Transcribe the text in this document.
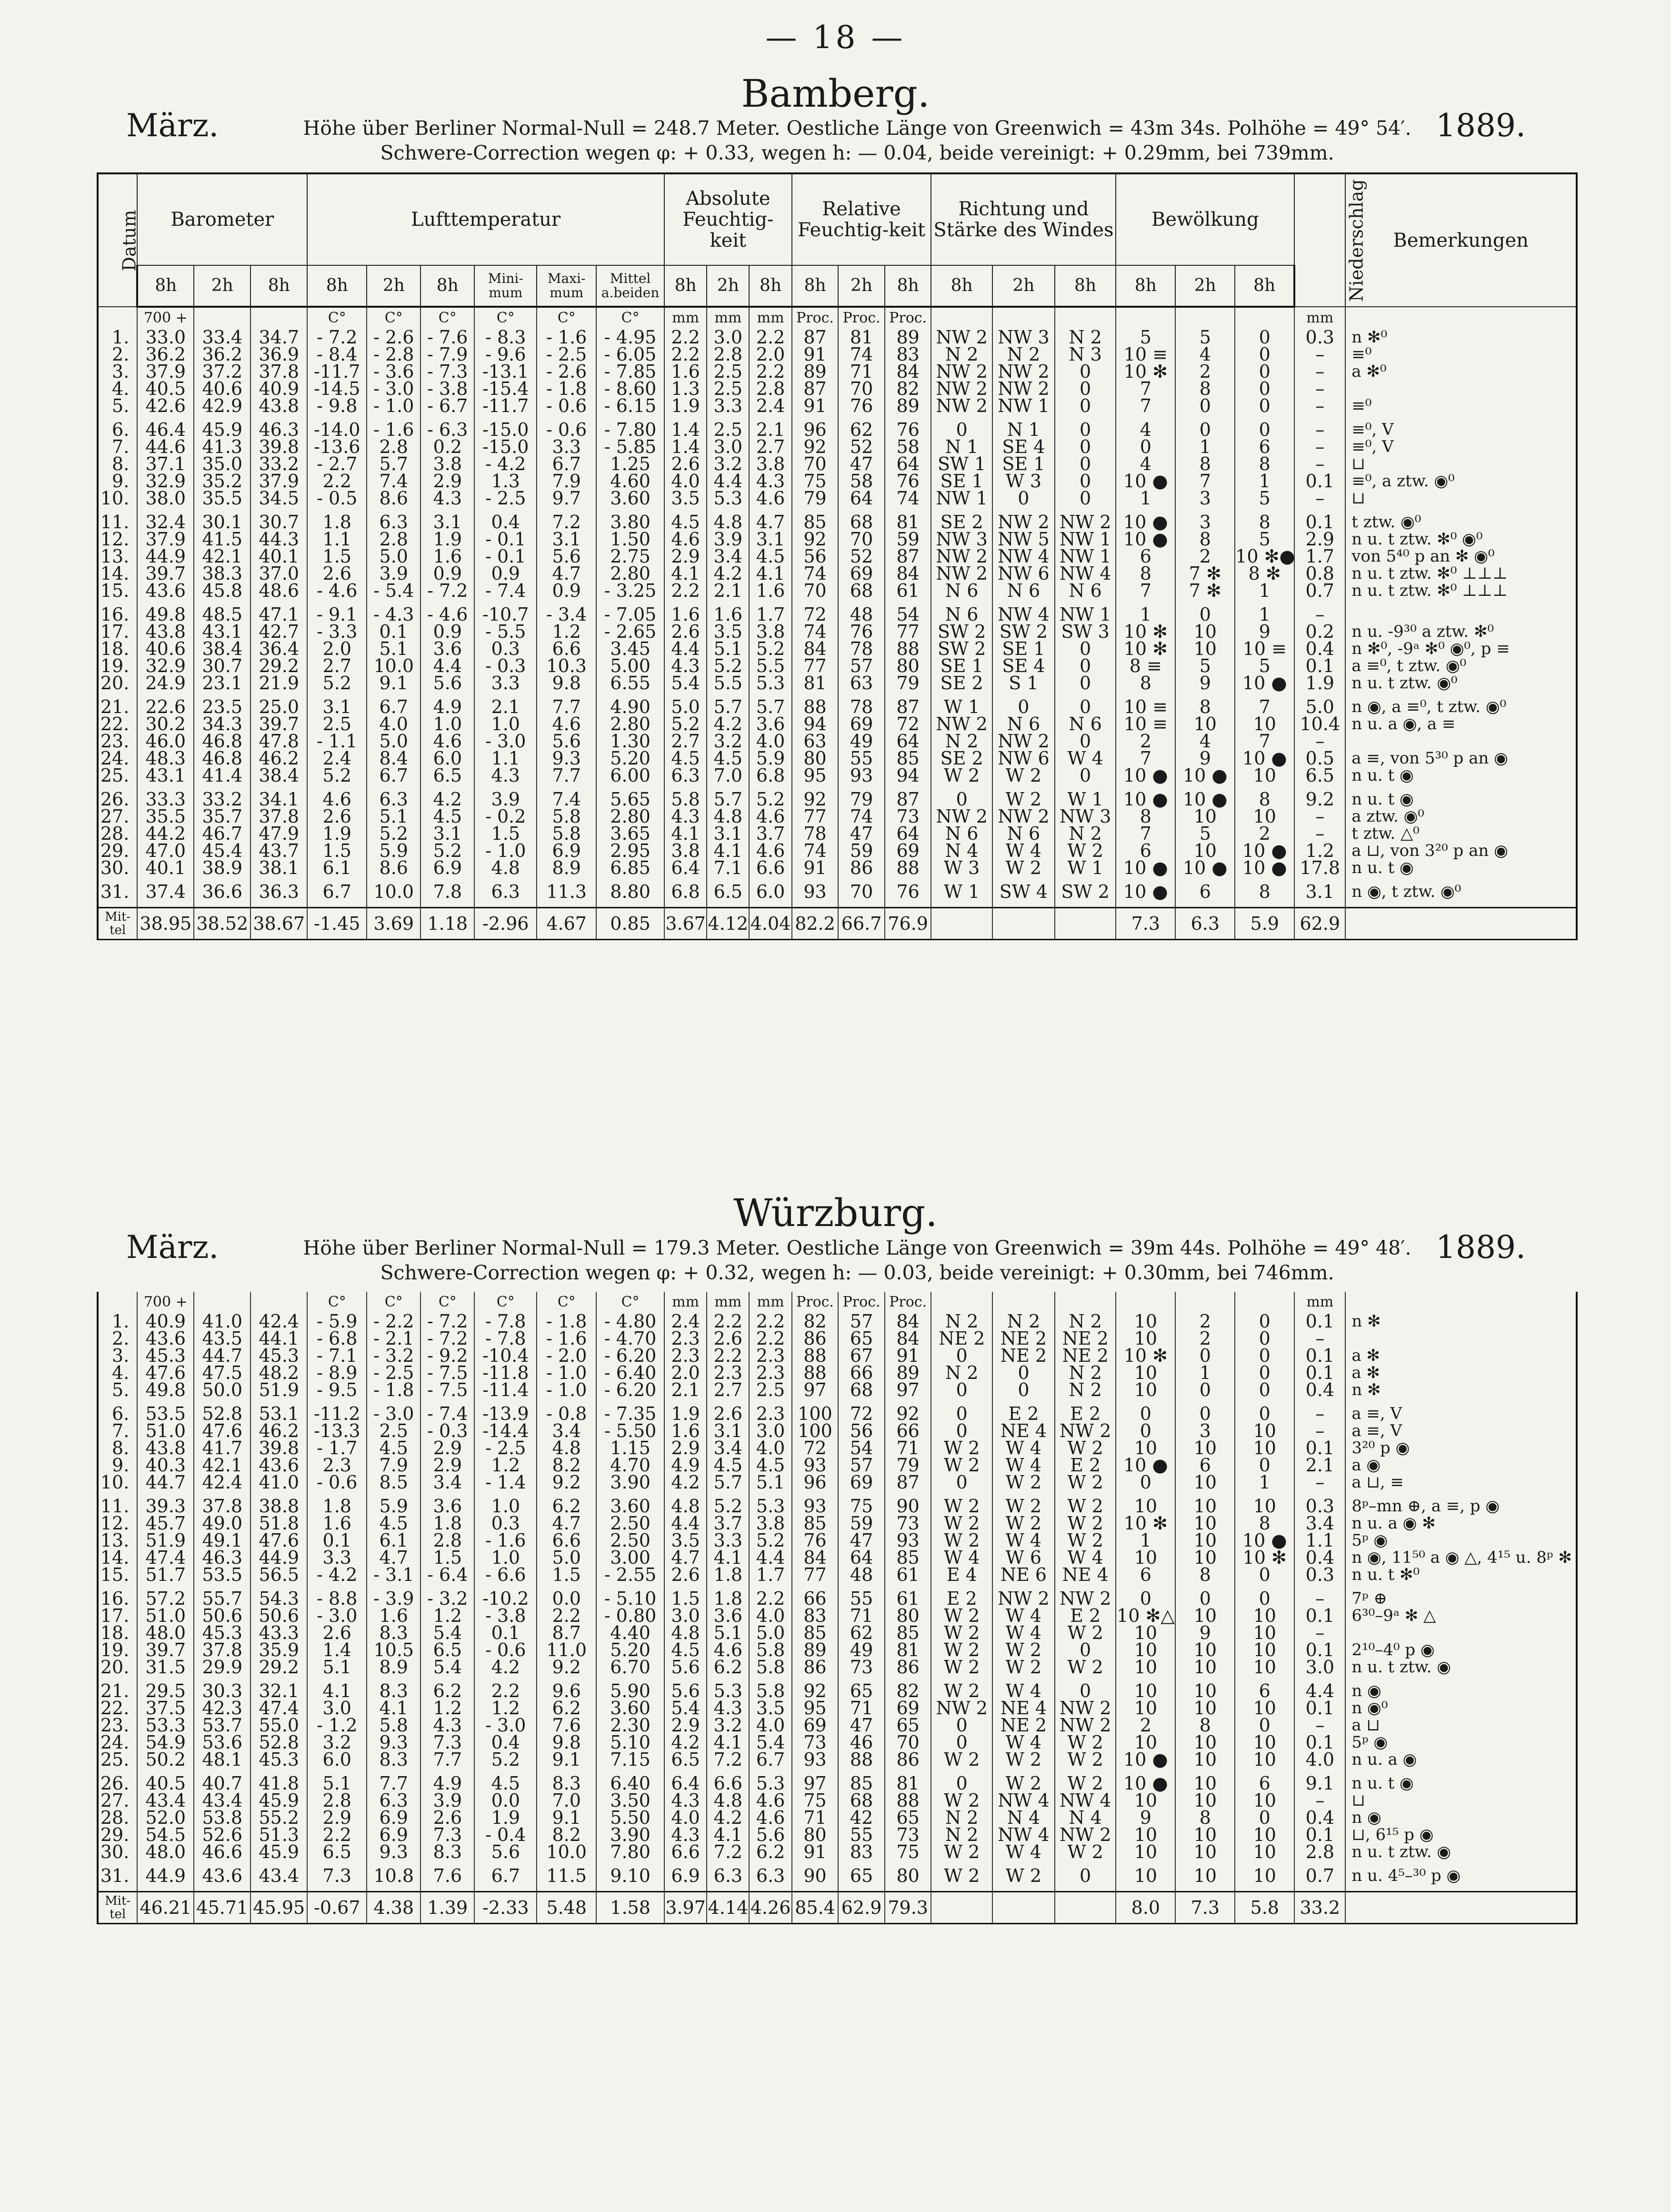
— 18 —
Bamberg.
März.	1889.
Höhe über Berliner Normal-Null = 248.7 Meter. Oestliche Länge von Greenwich = 43m 34s. Polhöhe = 49° 54′.
Schwere-Correction wegen φ: + 0.33, wegen h: — 0.04, beide vereinigt: + 0.29mm, bei 739mm.
Datum	Barometer			Lufttemperatur						Absolute Feuchtig-keit			Relative Feuchtig-keit			Richtung und Stärke des Windes			Bewölkung			Niederschlag	Bemerkungen
	8h	2h	8h	8h	2h	8h	Mini-mum	Maxi-mum	Mittel a.beiden	8h	2h	8h	8h	2h	8h	8h	2h	8h	8h	2h	8h		
	700 +			C°	C°	C°	C°	C°	C°	mm	mm	mm	Proc.	Proc.	Proc.							mm	
1.	33.0	33.4	34.7	- 7.2	- 2.6	- 7.6	- 8.3	- 1.6	- 4.95	2.2	3.0	2.2	87	81	89	NW 2	NW 3	N 2	5	5	0	0.3	n ✻⁰
2.	36.2	36.2	36.9	- 8.4	- 2.8	- 7.9	- 9.6	- 2.5	- 6.05	2.2	2.8	2.0	91	74	83	N 2	N 2	N 3	10 ≡	4	0	–	≡⁰
3.	37.9	37.2	37.8	-11.7	- 3.6	- 7.3	-13.1	- 2.6	- 7.85	1.6	2.5	2.2	89	71	84	NW 2	NW 2	0	10 ✻	2	0	–	a ✻⁰
4.	40.5	40.6	40.9	-14.5	- 3.0	- 3.8	-15.4	- 1.8	- 8.60	1.3	2.5	2.8	87	70	82	NW 2	NW 2	0	7	8	0	–	
5.	42.6	42.9	43.8	- 9.8	- 1.0	- 6.7	-11.7	- 0.6	- 6.15	1.9	3.3	2.4	91	76	89	NW 2	NW 1	0	7	0	0	–	≡⁰

6.	46.4	45.9	46.3	-14.0	- 1.6	- 6.3	-15.0	- 0.6	- 7.80	1.4	2.5	2.1	96	62	76	0	N 1	0	4	0	0	–	≡⁰, V
7.	44.6	41.3	39.8	-13.6	2.8	0.2	-15.0	3.3	- 5.85	1.4	3.0	2.7	92	52	58	N 1	SE 4	0	0	1	6	–	≡⁰, V
8.	37.1	35.0	33.2	- 2.7	5.7	3.8	- 4.2	6.7	1.25	2.6	3.2	3.8	70	47	64	SW 1	SE 1	0	4	8	8	–	⊔
9.	32.9	35.2	37.9	2.2	7.4	2.9	1.3	7.9	4.60	4.0	4.4	4.3	75	58	76	SE 1	W 3	0	10 ●	7	1	0.1	≡⁰, a ztw. ◉⁰
10.	38.0	35.5	34.5	- 0.5	8.6	4.3	- 2.5	9.7	3.60	3.5	5.3	4.6	79	64	74	NW 1	0	0	1	3	5	–	⊔

11.	32.4	30.1	30.7	1.8	6.3	3.1	0.4	7.2	3.80	4.5	4.8	4.7	85	68	81	SE 2	NW 2	NW 2	10 ●	3	8	0.1	t ztw. ◉⁰
12.	37.9	41.5	44.3	1.1	2.8	1.9	- 0.1	3.1	1.50	4.6	3.9	3.1	92	70	59	NW 3	NW 5	NW 1	10 ●	8	5	2.9	n u. t ztw. ✻⁰ ◉⁰
13.	44.9	42.1	40.1	1.5	5.0	1.6	- 0.1	5.6	2.75	2.9	3.4	4.5	56	52	87	NW 2	NW 4	NW 1	6	2	10 ✻●	1.7	von 5⁴⁰ p an ✻ ◉⁰
14.	39.7	38.3	37.0	2.6	3.9	0.9	0.9	4.7	2.80	4.1	4.2	4.1	74	69	84	NW 2	NW 6	NW 4	8	7 ✻	8 ✻	0.8	n u. t ztw. ✻⁰ ⊥⊥⊥
15.	43.6	45.8	48.6	- 4.6	- 5.4	- 7.2	- 7.4	0.9	- 3.25	2.2	2.1	1.6	70	68	61	N 6	N 6	N 6	7	7 ✻	1	0.7	n u. t ztw. ✻⁰ ⊥⊥⊥

16.	49.8	48.5	47.1	- 9.1	- 4.3	- 4.6	-10.7	- 3.4	- 7.05	1.6	1.6	1.7	72	48	54	N 6	NW 4	NW 1	1	0	1	–	
17.	43.8	43.1	42.7	- 3.3	0.1	0.9	- 5.5	1.2	- 2.65	2.6	3.5	3.8	74	76	77	SW 2	SW 2	SW 3	10 ✻	10	9	0.2	n u. -9³⁰ a ztw. ✻⁰
18.	40.6	38.4	36.4	2.0	5.1	3.6	0.3	6.6	3.45	4.4	5.1	5.2	84	78	88	SW 2	SE 1	0	10 ✻	10	10 ≡	0.4	n ✻⁰, -9ᵃ ✻⁰ ◉⁰, p ≡
19.	32.9	30.7	29.2	2.7	10.0	4.4	- 0.3	10.3	5.00	4.3	5.2	5.5	77	57	80	SE 1	SE 4	0	8 ≡	5	5	0.1	a ≡⁰, t ztw. ◉⁰
20.	24.9	23.1	21.9	5.2	9.1	5.6	3.3	9.8	6.55	5.4	5.5	5.3	81	63	79	SE 2	S 1	0	8	9	10 ●	1.9	n u. t ztw. ◉⁰

21.	22.6	23.5	25.0	3.1	6.7	4.9	2.1	7.7	4.90	5.0	5.7	5.7	88	78	87	W 1	0	0	10 ≡	8	7	5.0	n ◉, a ≡⁰, t ztw. ◉⁰
22.	30.2	34.3	39.7	2.5	4.0	1.0	1.0	4.6	2.80	5.2	4.2	3.6	94	69	72	NW 2	N 6	N 6	10 ≡	10	10	10.4	n u. a ◉, a ≡
23.	46.0	46.8	47.8	- 1.1	5.0	4.6	- 3.0	5.6	1.30	2.7	3.2	4.0	63	49	64	N 2	NW 2	0	2	4	7	–	
24.	48.3	46.8	46.2	2.4	8.4	6.0	1.1	9.3	5.20	4.5	4.5	5.9	80	55	85	SE 2	NW 6	W 4	7	9	10 ●	0.5	a ≡, von 5³⁰ p an ◉
25.	43.1	41.4	38.4	5.2	6.7	6.5	4.3	7.7	6.00	6.3	7.0	6.8	95	93	94	W 2	W 2	0	10 ●	10 ●	10	6.5	n u. t ◉

26.	33.3	33.2	34.1	4.6	6.3	4.2	3.9	7.4	5.65	5.8	5.7	5.2	92	79	87	0	W 2	W 1	10 ●	10 ●	8	9.2	n u. t ◉
27.	35.5	35.7	37.8	2.6	5.1	4.5	- 0.2	5.8	2.80	4.3	4.8	4.6	77	74	73	NW 2	NW 2	NW 3	8	10	10	–	a ztw. ◉⁰
28.	44.2	46.7	47.9	1.9	5.2	3.1	1.5	5.8	3.65	4.1	3.1	3.7	78	47	64	N 6	N 6	N 2	7	5	2	–	t ztw. △⁰
29.	47.0	45.4	43.7	1.5	5.9	5.2	- 1.0	6.9	2.95	3.8	4.1	4.6	74	59	69	N 4	W 4	W 2	6	10	10 ●	1.2	a ⊔, von 3²⁰ p an ◉
30.	40.1	38.9	38.1	6.1	8.6	6.9	4.8	8.9	6.85	6.4	7.1	6.6	91	86	88	W 3	W 2	W 1	10 ●	10 ●	10 ●	17.8	n u. t ◉

31.	37.4	36.6	36.3	6.7	10.0	7.8	6.3	11.3	8.80	6.8	6.5	6.0	93	70	76	W 1	SW 4	SW 2	10 ●	6	8	3.1	n ◉, t ztw. ◉⁰

Mit-tel	38.95	38.52	38.67	-1.45	3.69	1.18	-2.96	4.67	0.85	3.67	4.12	4.04	82.2	66.7	76.9				7.3	6.3	5.9	62.9	
Würzburg.
März.	1889.
Höhe über Berliner Normal-Null = 179.3 Meter. Oestliche Länge von Greenwich = 39m 44s. Polhöhe = 49° 48′.
Schwere-Correction wegen φ: + 0.32, wegen h: — 0.03, beide vereinigt: + 0.30mm, bei 746mm.
	700 +			C°	C°	C°	C°	C°	C°	mm	mm	mm	Proc.	Proc.	Proc.							mm	
1.	40.9	41.0	42.4	- 5.9	- 2.2	- 7.2	- 7.8	- 1.8	- 4.80	2.4	2.2	2.2	82	57	84	N 2	N 2	N 2	10	2	0	0.1	n ✻
2.	43.6	43.5	44.1	- 6.8	- 2.1	- 7.2	- 7.8	- 1.6	- 4.70	2.3	2.6	2.2	86	65	84	NE 2	NE 2	NE 2	10	2	0	–	
3.	45.3	44.7	45.3	- 7.1	- 3.2	- 9.2	-10.4	- 2.0	- 6.20	2.3	2.2	2.3	88	67	91	0	NE 2	NE 2	10 ✻	0	0	0.1	a ✻
4.	47.6	47.5	48.2	- 8.9	- 2.5	- 7.5	-11.8	- 1.0	- 6.40	2.0	2.3	2.3	88	66	89	N 2	0	N 2	10	1	0	0.1	a ✻
5.	49.8	50.0	51.9	- 9.5	- 1.8	- 7.5	-11.4	- 1.0	- 6.20	2.1	2.7	2.5	97	68	97	0	0	N 2	10	0	0	0.4	n ✻

6.	53.5	52.8	53.1	-11.2	- 3.0	- 7.4	-13.9	- 0.8	- 7.35	1.9	2.6	2.3	100	72	92	0	E 2	E 2	0	0	0	–	a ≡, V
7.	51.0	47.6	46.2	-13.3	2.5	- 0.3	-14.4	3.4	- 5.50	1.6	3.1	3.0	100	56	66	0	NE 4	NW 2	0	3	10	–	a ≡, V
8.	43.8	41.7	39.8	- 1.7	4.5	2.9	- 2.5	4.8	1.15	2.9	3.4	4.0	72	54	71	W 2	W 4	W 2	10	10	10	0.1	3²⁰ p ◉
9.	40.3	42.1	43.6	2.3	7.9	2.9	1.2	8.2	4.70	4.9	4.5	4.5	93	57	79	W 2	W 4	E 2	10 ●	6	0	2.1	a ◉
10.	44.7	42.4	41.0	- 0.6	8.5	3.4	- 1.4	9.2	3.90	4.2	5.7	5.1	96	69	87	0	W 2	W 2	0	10	1	–	a ⊔, ≡

11.	39.3	37.8	38.8	1.8	5.9	3.6	1.0	6.2	3.60	4.8	5.2	5.3	93	75	90	W 2	W 2	W 2	10	10	10	0.3	8ᵖ–mn ⊕, a ≡, p ◉
12.	45.7	49.0	51.8	1.6	4.5	1.8	0.3	4.7	2.50	4.4	3.7	3.8	85	59	73	W 2	W 2	W 2	10 ✻	10	8	3.4	n u. a ◉ ✻
13.	51.9	49.1	47.6	0.1	6.1	2.8	- 1.6	6.6	2.50	3.5	3.3	5.2	76	47	93	W 2	W 4	W 2	1	10	10 ●	1.1	5ᵖ ◉
14.	47.4	46.3	44.9	3.3	4.7	1.5	1.0	5.0	3.00	4.7	4.1	4.4	84	64	85	W 4	W 6	W 4	10	10	10 ✻	0.4	n ◉, 11⁵⁰ a ◉ △, 4¹⁵ u. 8ᵖ ✻
15.	51.7	53.5	56.5	- 4.2	- 3.1	- 6.4	- 6.6	1.5	- 2.55	2.6	1.8	1.7	77	48	61	E 4	NE 6	NE 4	6	8	0	0.3	n u. t ✻⁰

16.	57.2	55.7	54.3	- 8.8	- 3.9	- 3.2	-10.2	0.0	- 5.10	1.5	1.8	2.2	66	55	61	E 2	NW 2	NW 2	0	0	0	–	7ᵖ ⊕
17.	51.0	50.6	50.6	- 3.0	1.6	1.2	- 3.8	2.2	- 0.80	3.0	3.6	4.0	83	71	80	W 2	W 4	E 2	10 ✻△	10	10	0.1	6³⁰–9ᵃ ✻ △
18.	48.0	45.3	43.3	2.6	8.3	5.4	0.1	8.7	4.40	4.8	5.1	5.0	85	62	85	W 2	W 4	W 2	10	9	10	–	
19.	39.7	37.8	35.9	1.4	10.5	6.5	- 0.6	11.0	5.20	4.5	4.6	5.8	89	49	81	W 2	W 2	0	10	10	10	0.1	2¹⁰–4⁰ p ◉
20.	31.5	29.9	29.2	5.1	8.9	5.4	4.2	9.2	6.70	5.6	6.2	5.8	86	73	86	W 2	W 2	W 2	10	10	10	3.0	n u. t ztw. ◉

21.	29.5	30.3	32.1	4.1	8.3	6.2	2.2	9.6	5.90	5.6	5.3	5.8	92	65	82	W 2	W 4	0	10	10	6	4.4	n ◉
22.	37.5	42.3	47.4	3.0	4.1	1.2	1.2	6.2	3.60	5.4	4.3	3.5	95	71	69	NW 2	NE 4	NW 2	10	10	10	0.1	n ◉⁰
23.	53.3	53.7	55.0	- 1.2	5.8	4.3	- 3.0	7.6	2.30	2.9	3.2	4.0	69	47	65	0	NE 2	NW 2	2	8	0	–	a ⊔
24.	54.9	53.6	52.8	3.2	9.3	7.3	0.4	9.8	5.10	4.2	4.1	5.4	73	46	70	0	W 4	W 2	10	10	10	0.1	5ᵖ ◉
25.	50.2	48.1	45.3	6.0	8.3	7.7	5.2	9.1	7.15	6.5	7.2	6.7	93	88	86	W 2	W 2	W 2	10 ●	10	10	4.0	n u. a ◉

26.	40.5	40.7	41.8	5.1	7.7	4.9	4.5	8.3	6.40	6.4	6.6	5.3	97	85	81	0	W 2	W 2	10 ●	10	6	9.1	n u. t ◉
27.	43.4	43.4	45.9	2.8	6.3	3.9	0.0	7.0	3.50	4.3	4.8	4.6	75	68	88	W 2	NW 4	NW 4	10	10	10	–	⊔
28.	52.0	53.8	55.2	2.9	6.9	2.6	1.9	9.1	5.50	4.0	4.2	4.6	71	42	65	N 2	N 4	N 4	9	8	0	0.4	n ◉
29.	54.5	52.6	51.3	2.2	6.9	7.3	- 0.4	8.2	3.90	4.3	4.1	5.6	80	55	73	N 2	NW 4	NW 2	10	10	10	0.1	⊔, 6¹⁵ p ◉
30.	48.0	46.6	45.9	6.5	9.3	8.3	5.6	10.0	7.80	6.6	7.2	6.2	91	83	75	W 2	W 4	W 2	10	10	10	2.8	n u. t ztw. ◉

31.	44.9	43.6	43.4	7.3	10.8	7.6	6.7	11.5	9.10	6.9	6.3	6.3	90	65	80	W 2	W 2	0	10	10	10	0.7	n u. 4⁵–³⁰ p ◉

Mit-tel	46.21	45.71	45.95	-0.67	4.38	1.39	-2.33	5.48	1.58	3.97	4.14	4.26	85.4	62.9	79.3				8.0	7.3	5.8	33.2	
